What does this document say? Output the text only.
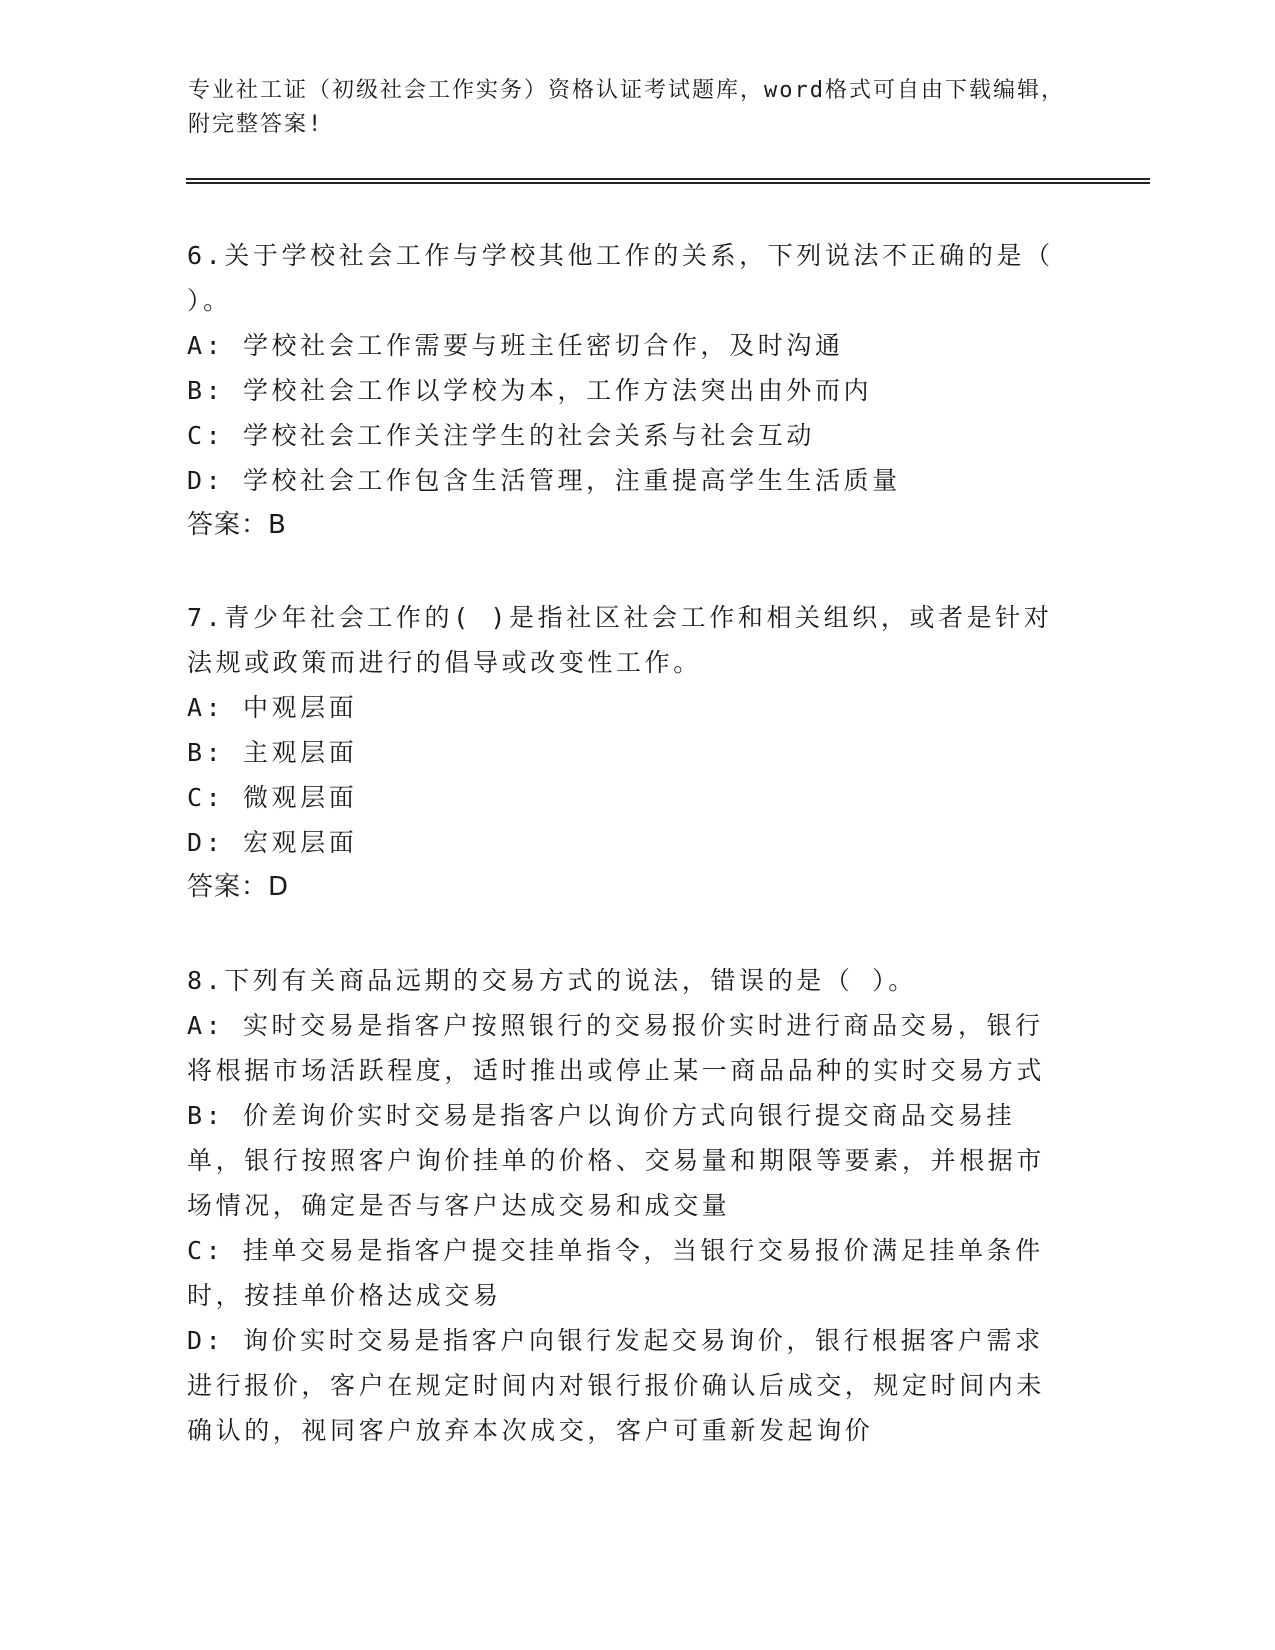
专业社工证（初级社会工作实务）资格认证考试题库，word格式可自由下载编辑，附完整答案!

6.关于学校社会工作与学校其他工作的关系，下列说法不正确的是（ ）。

A: 学校社会工作需要与班主任密切合作，及时沟通

B: 学校社会工作以学校为本，工作方法突出由外而内

C: 学校社会工作关注学生的社会关系与社会互动

D: 学校社会工作包含生活管理，注重提高学生生活质量

答案：B

7.青少年社会工作的( )是指社区社会工作和相关组织，或者是针对法规或政策而进行的倡导或改变性工作。

A: 中观层面

B: 主观层面

C: 微观层面

D: 宏观层面

答案：D

8.下列有关商品远期的交易方式的说法，错误的是（ ）。

A: 实时交易是指客户按照银行的交易报价实时进行商品交易，银行将根据市场活跃程度，适时推出或停止某一商品品种的实时交易方式

B: 价差询价实时交易是指客户以询价方式向银行提交商品交易挂单，银行按照客户询价挂单的价格、交易量和期限等要素，并根据市场情况，确定是否与客户达成交易和成交量

C: 挂单交易是指客户提交挂单指令，当银行交易报价满足挂单条件时，按挂单价格达成交易

D: 询价实时交易是指客户向银行发起交易询价，银行根据客户需求进行报价，客户在规定时间内对银行报价确认后成交，规定时间内未确认的，视同客户放弃本次成交，客户可重新发起询价
